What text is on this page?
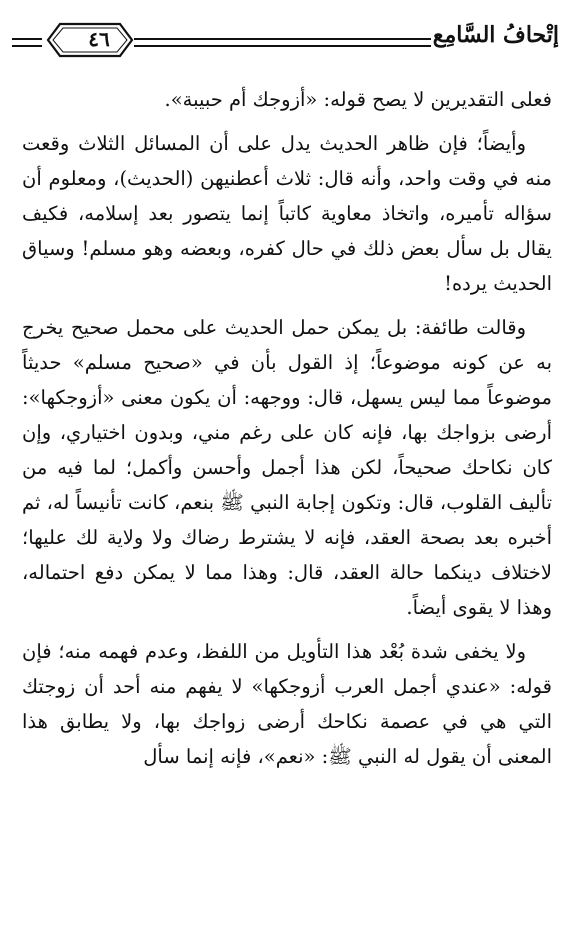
إتْحافُ السَّامِع
٤٦

فعلى التقديرين لا يصح قوله: «أزوجك أم حبيبة».

وأيضاً؛ فإن ظاهر الحديث يدل على أن المسائل الثلاث وقعت منه في وقت واحد، وأنه قال: ثلاث أعطنيهن (الحديث)، ومعلوم أن سؤاله تأميره، واتخاذ معاوية كاتباً إنما يتصور بعد إسلامه، فكيف يقال بل سأل بعض ذلك في حال كفره، وبعضه وهو مسلم! وسياق الحديث يرده!

وقالت طائفة: بل يمكن حمل الحديث على محمل صحيح يخرج به عن كونه موضوعاً؛ إذ القول بأن في «صحيح مسلم» حديثاً موضوعاً مما ليس يسهل، قال: ووجهه: أن يكون معنى «أزوجكها»: أرضى بزواجك بها، فإنه كان على رغم مني، وبدون اختياري، وإن كان نكاحك صحيحاً، لكن هذا أجمل وأحسن وأكمل؛ لما فيه من تأليف القلوب، قال: وتكون إجابة النبي ﷺ بنعم، كانت تأنيساً له، ثم أخبره بعد بصحة العقد، فإنه لا يشترط رضاك ولا ولاية لك عليها؛ لاختلاف دينكما حالة العقد، قال: وهذا مما لا يمكن دفع احتماله، وهذا لا يقوى أيضاً.

ولا يخفى شدة بُعْد هذا التأويل من اللفظ، وعدم فهمه منه؛ فإن قوله: «عندي أجمل العرب أزوجكها» لا يفهم منه أحد أن زوجتك التي هي في عصمة نكاحك أرضى زواجك بها، ولا يطابق هذا المعنى أن يقول له النبي ﷺ: «نعم»، فإنه إنما سأل
